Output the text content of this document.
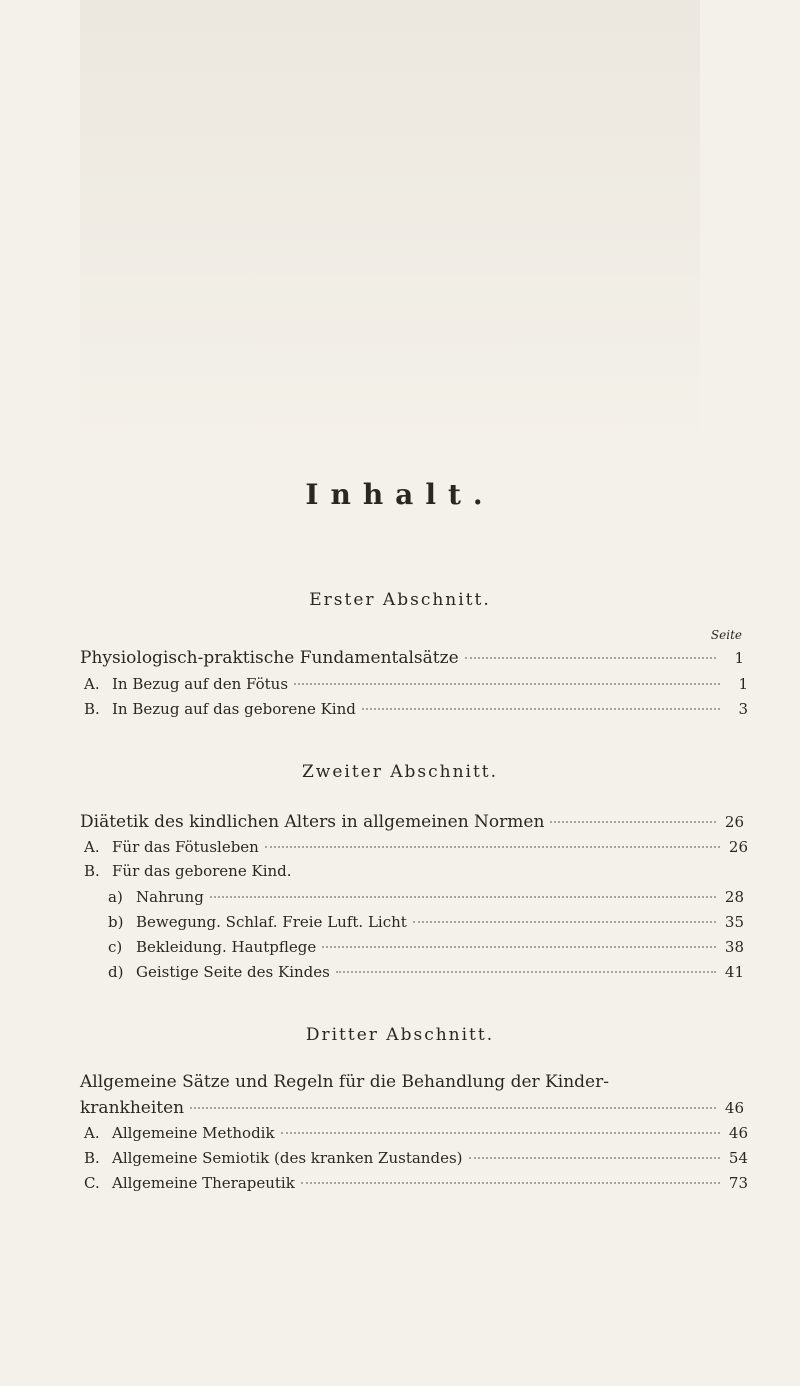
Inhalt.
Erster Abschnitt.
Seite
Physiologisch-praktische Fundamentalsätze	1
A. In Bezug auf den Fötus	1
B. In Bezug auf das geborene Kind	3
Zweiter Abschnitt.
Diätetik des kindlichen Alters in allgemeinen Normen	26
A. Für das Fötusleben	26
B. Für das geborene Kind.
a) Nahrung	28
b) Bewegung. Schlaf. Freie Luft. Licht	35
c) Bekleidung. Hautpflege	38
d) Geistige Seite des Kindes	41
Dritter Abschnitt.
Allgemeine Sätze und Regeln für die Behandlung der Kinder-
krankheiten	46
A. Allgemeine Methodik	46
B. Allgemeine Semiotik (des kranken Zustandes)	54
C. Allgemeine Therapeutik	73
